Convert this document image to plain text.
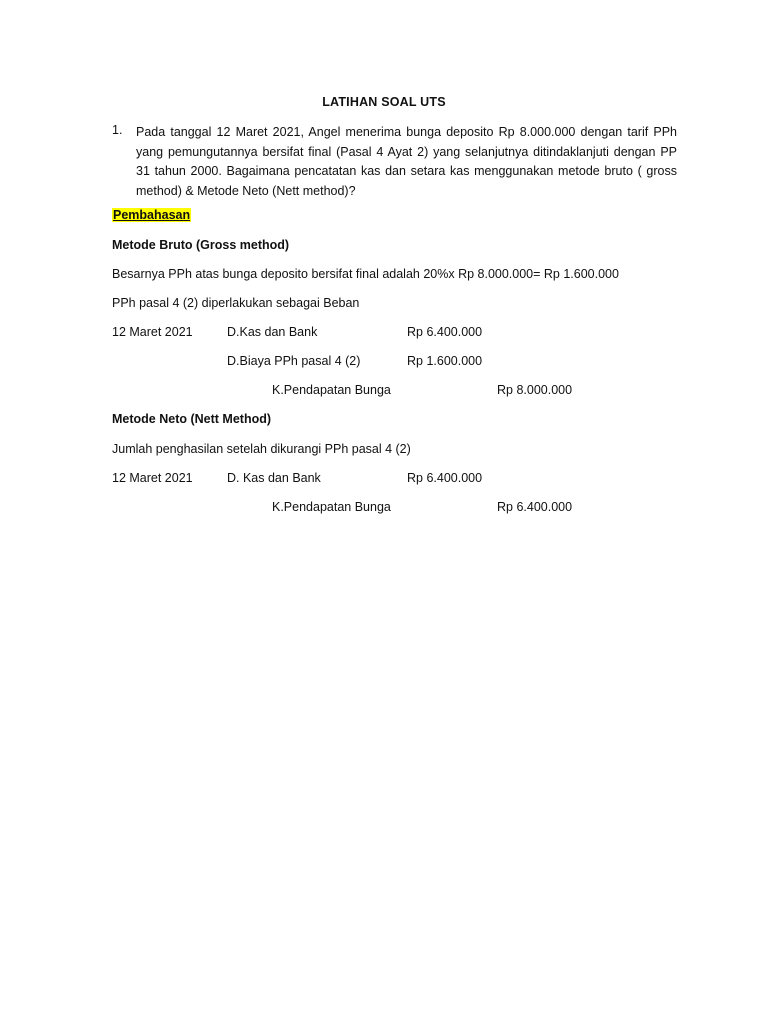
LATIHAN SOAL UTS
1. Pada tanggal 12 Maret 2021, Angel menerima bunga deposito Rp 8.000.000 dengan tarif PPh yang pemungutannya bersifat final (Pasal 4 Ayat 2) yang selanjutnya ditindaklanjuti dengan PP 31 tahun 2000. Bagaimana pencatatan kas dan setara kas menggunakan metode bruto ( gross method) & Metode Neto (Nett method)?

Pembahasan
Metode Bruto (Gross method)
Besarnya PPh atas bunga deposito bersifat final adalah 20%x Rp 8.000.000= Rp 1.600.000
PPh pasal 4 (2) diperlakukan sebagai Beban
12 Maret 2021	D.Kas dan Bank	Rp 6.400.000
D.Biaya PPh pasal 4 (2)	Rp 1.600.000
K.Pendapatan Bunga	Rp 8.000.000
Metode Neto (Nett Method)
Jumlah penghasilan setelah dikurangi PPh pasal 4 (2)
12 Maret 2021	D. Kas dan Bank	Rp 6.400.000
K.Pendapatan Bunga	Rp 6.400.000
